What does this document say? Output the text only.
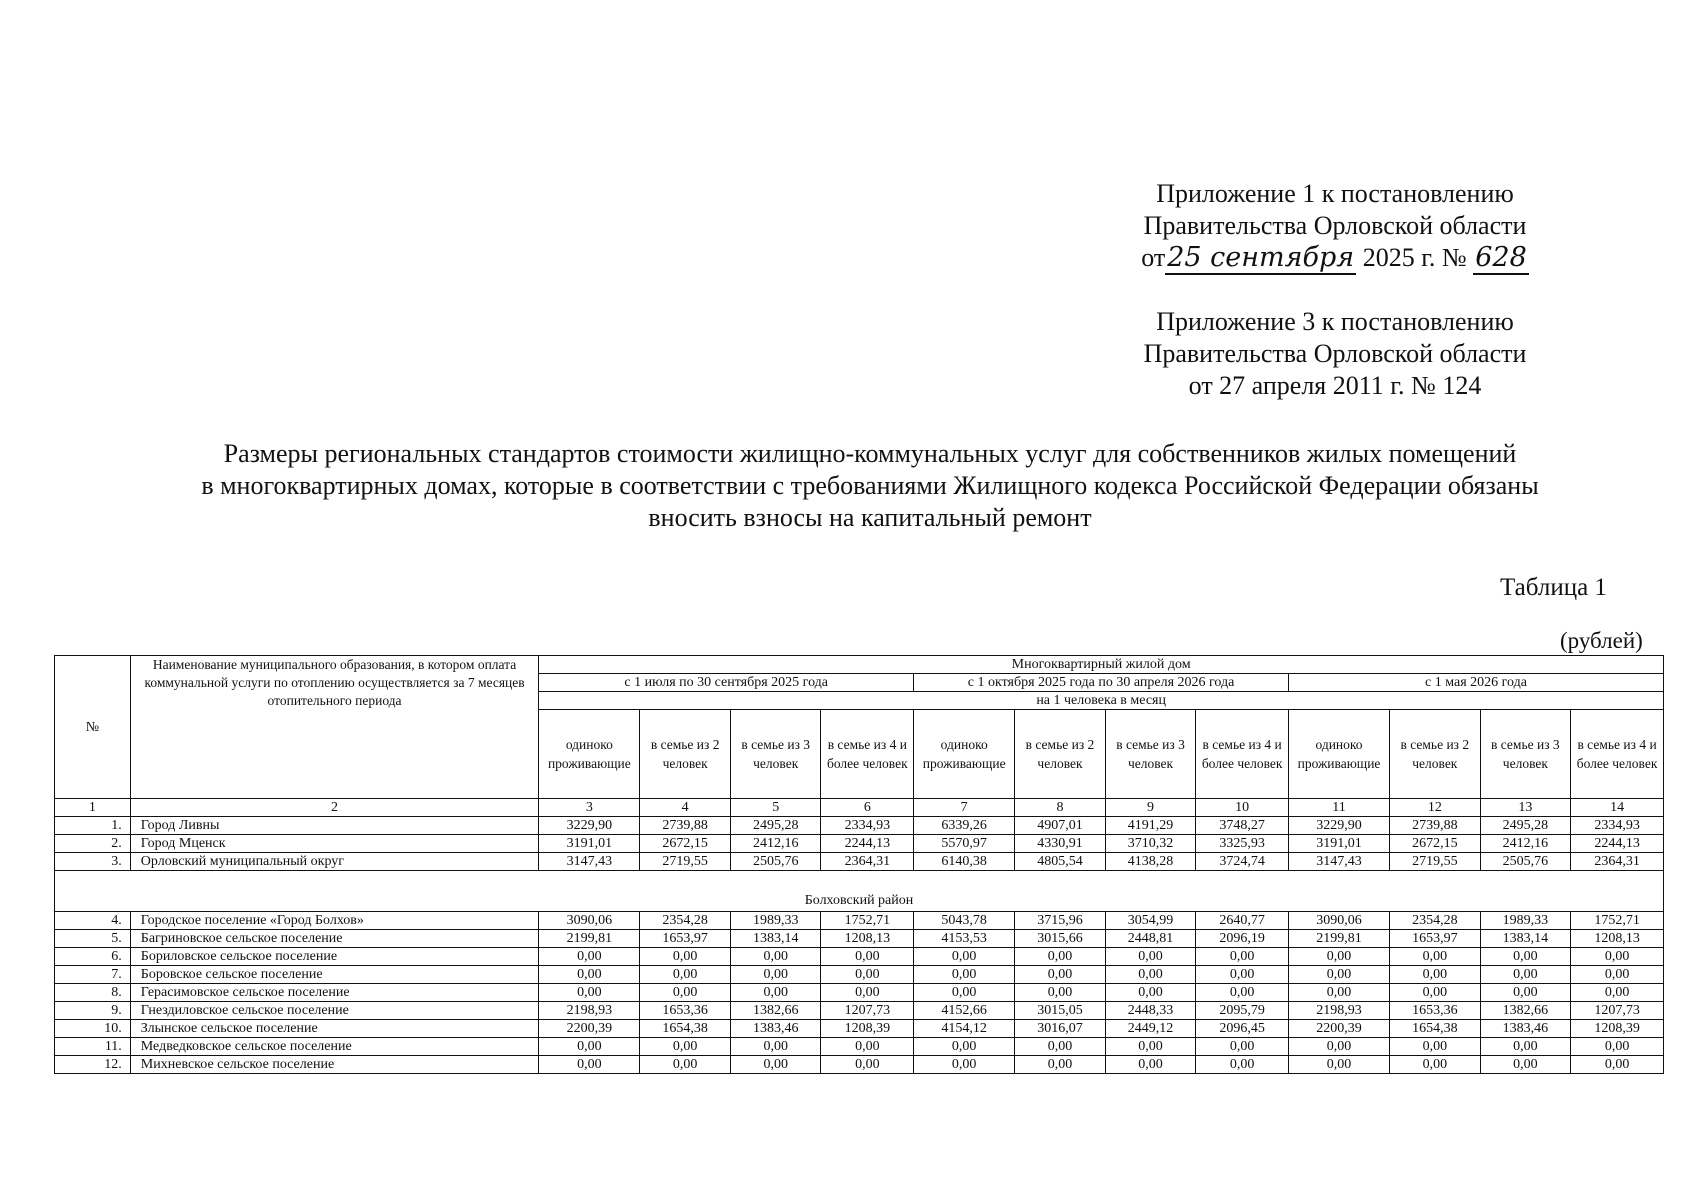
Приложение 1 к постановлению
Правительства Орловской области
от25 сентября 2025 г. № 628
Приложение 3 к постановлению
Правительства Орловской области
от 27 апреля 2011 г. № 124
Размеры региональных стандартов стоимости жилищно-коммунальных услуг для собственников жилых помещений
в многоквартирных домах, которые в соответствии с требованиями Жилищного кодекса Российской Федерации обязаны
вносить взносы на капитальный ремонт
Таблица 1
(рублей)
№	Наименование муниципального образования, в котором оплата коммунальной услуги по отоплению осуществляется за 7 месяцев отопительного периода	Многоквартирный жилой дом											
		с 1 июля по 30 сентября 2025 года				с 1 октября 2025 года по 30 апреля 2026 года				с 1 мая 2026 года			
		на 1 человека в месяц											
		одиноко проживающие	в семье из 2 человек	в семье из 3 человек	в семье из 4 и более человек	одиноко проживающие	в семье из 2 человек	в семье из 3 человек	в семье из 4 и более человек	одиноко проживающие	в семье из 2 человек	в семье из 3 человек	в семье из 4 и более человек
1	2	3	4	5	6	7	8	9	10	11	12	13	14
1.	Город Ливны	3229,90	2739,88	2495,28	2334,93	6339,26	4907,01	4191,29	3748,27	3229,90	2739,88	2495,28	2334,93
2.	Город Мценск	3191,01	2672,15	2412,16	2244,13	5570,97	4330,91	3710,32	3325,93	3191,01	2672,15	2412,16	2244,13
3.	Орловский муниципальный округ	3147,43	2719,55	2505,76	2364,31	6140,38	4805,54	4138,28	3724,74	3147,43	2719,55	2505,76	2364,31
Болховский район													
4.	Городское поселение «Город Болхов»	3090,06	2354,28	1989,33	1752,71	5043,78	3715,96	3054,99	2640,77	3090,06	2354,28	1989,33	1752,71
5.	Багриновское сельское поселение	2199,81	1653,97	1383,14	1208,13	4153,53	3015,66	2448,81	2096,19	2199,81	1653,97	1383,14	1208,13
6.	Бориловское сельское поселение	0,00	0,00	0,00	0,00	0,00	0,00	0,00	0,00	0,00	0,00	0,00	0,00
7.	Боровское сельское поселение	0,00	0,00	0,00	0,00	0,00	0,00	0,00	0,00	0,00	0,00	0,00	0,00
8.	Герасимовское сельское поселение	0,00	0,00	0,00	0,00	0,00	0,00	0,00	0,00	0,00	0,00	0,00	0,00
9.	Гнездиловское сельское поселение	2198,93	1653,36	1382,66	1207,73	4152,66	3015,05	2448,33	2095,79	2198,93	1653,36	1382,66	1207,73
10.	Злынское сельское поселение	2200,39	1654,38	1383,46	1208,39	4154,12	3016,07	2449,12	2096,45	2200,39	1654,38	1383,46	1208,39
11.	Медведковское сельское поселение	0,00	0,00	0,00	0,00	0,00	0,00	0,00	0,00	0,00	0,00	0,00	0,00
12.	Михневское сельское поселение	0,00	0,00	0,00	0,00	0,00	0,00	0,00	0,00	0,00	0,00	0,00	0,00
